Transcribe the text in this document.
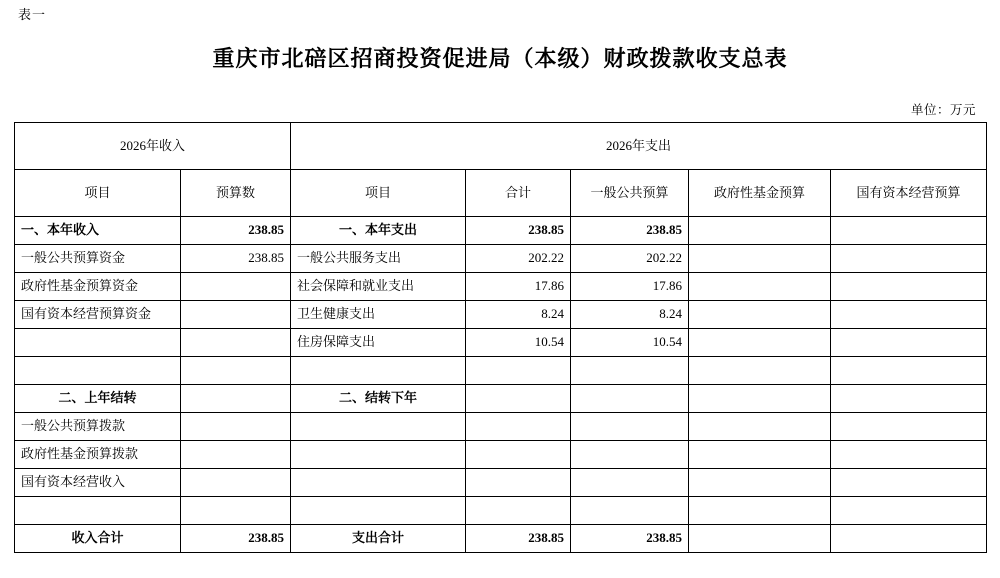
表一
重庆市北碚区招商投资促进局（本级）财政拨款收支总表
单位：万元
2026年收入		2026年支出				
项目	预算数	项目	合计	一般公共预算	政府性基金预算	国有资本经营预算
一、本年收入	238.85	一、本年支出	238.85	238.85		
一般公共预算资金	238.85	一般公共服务支出	202.22	202.22		
政府性基金预算资金		社会保障和就业支出	17.86	17.86		
国有资本经营预算资金		卫生健康支出	8.24	8.24		
		住房保障支出	10.54	10.54		

二、上年结转		二、结转下年				
一般公共预算拨款						
政府性基金预算拨款						
国有资本经营收入						

收入合计	238.85	支出合计	238.85	238.85		
